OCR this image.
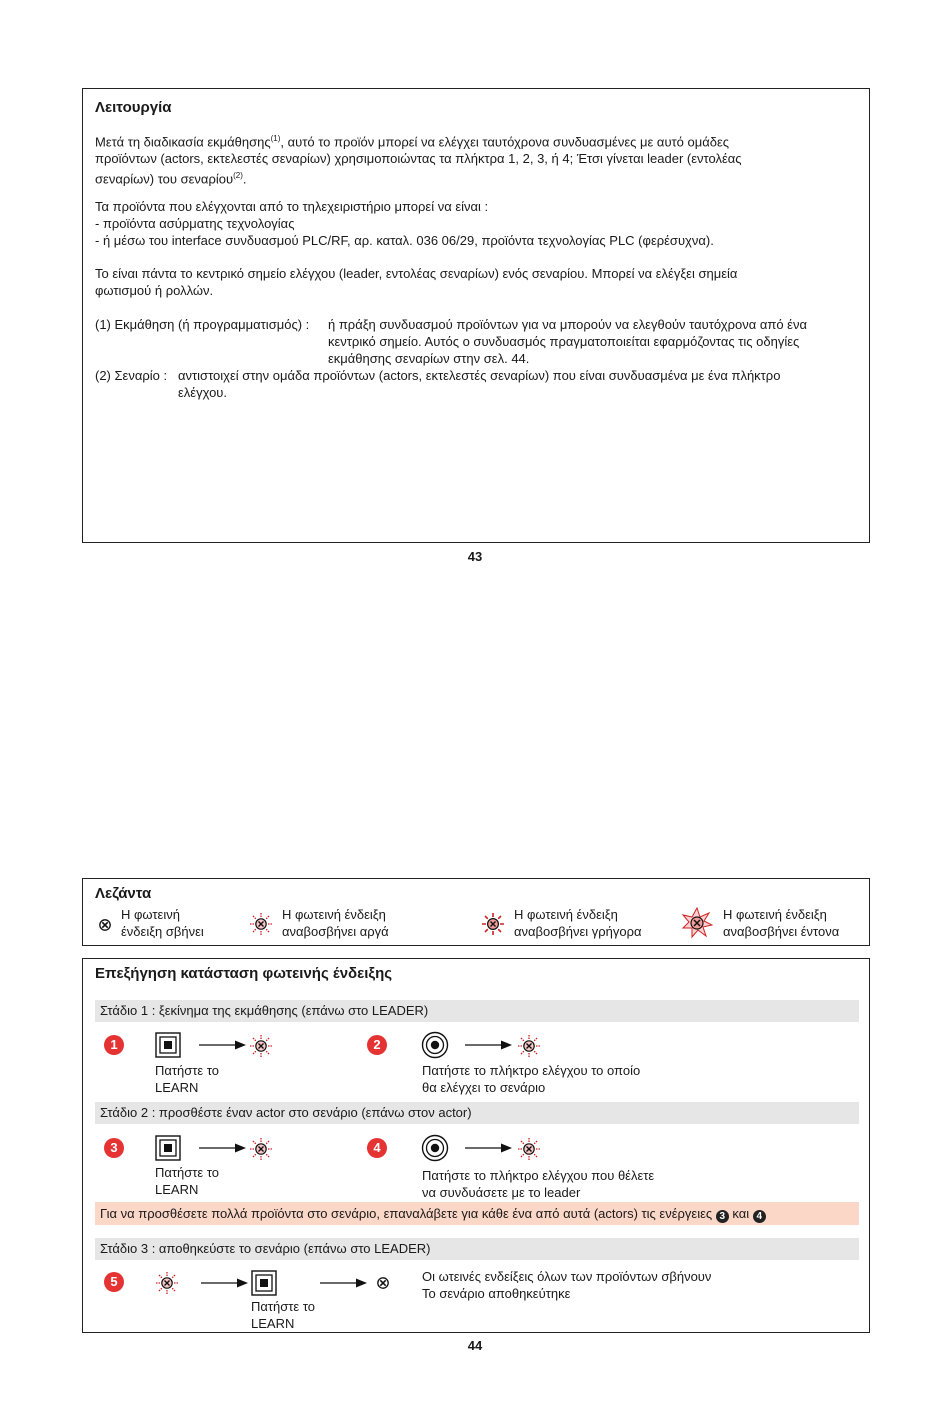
Λειτουργία

Μετά τη διαδικασία εκμάθησης$^{(1)}$, αυτό το προϊόν μπορεί να ελέγχει ταυτόχρονα συνδυασμένες με αυτό ομάδες
προϊόντων (actors, εκτελεστές σεναρίων) χρησιμοποιώντας τα πλήκτρα 1, 2, 3, ή 4; Έτσι γίνεται leader (εντολέας
σεναρίων) του σεναρίου$^{(2)}$.

Τα προϊόντα που ελέγχονται από το τηλεχειριστήριο μπορεί να είναι :
- προϊόντα ασύρματης τεχνολογίας
- ή μέσω του interface συνδυασμού PLC/RF, αρ. καταλ. 036 06/29, προϊόντα τεχνολογίας PLC (φερέσυχνα).

Το είναι πάντα το κεντρικό σημείο ελέγχου (leader, εντολέας σεναρίων) ενός σεναρίου. Μπορεί να ελέγξει σημεία
φωτισμού ή ρολλών.

(1) Εκμάθηση (ή προγραμματισμός) : ή πράξη συνδυασμού προϊόντων για να μπορούν να ελεγθούν ταυτόχρονα από ένα
κεντρικό σημείο. Αυτός ο συνδυασμός πραγματοποιείται εφαρμόζοντας τις οδηγίες
εκμάθησης σεναρίων στην σελ. 44.

(2) Σεναρίο : αντιστοιχεί στην ομάδα προϊόντων (actors, εκτελεστές σεναρίων) που είναι συνδυασμένα με ένα πλήκτρο
ελέγχου.

43
Λεζάντα
Η φωτεινή
ένδειξη σβήνει
Η φωτεινή ένδειξη
αναβοσβήνει αργά
Η φωτεινή ένδειξη
αναβοσβήνει γρήγορα
Η φωτεινή ένδειξη
αναβοσβήνει έντονα
Επεξήγηση κατάσταση φωτεινής ένδειξης
Στάδιο 1 : ξεκίνημα της εκμάθησης (επάνω στο LEADER)
1
Πατήστε το
LEARN
2
Πατήστε το πλήκτρο ελέγχου το οποίο
θα ελέγχει το σενάριο
Στάδιο 2 : προσθέστε έναν actor στο σενάριο (επάνω στον actor)
3
Πατήστε το
LEARN
4
Πατήστε το πλήκτρο ελέγχου που θέλετε
να συνδυάσετε με το leader
Για να προσθέσετε πολλά προϊόντα στο σενάριο, επαναλάβετε για κάθε ένα από αυτά (actors) τις ενέργειες 3 και 4
Στάδιο 3 : αποθηκεύστε το σενάριο (επάνω στο LEADER)
5
Πατήστε το
LEARN
Οι ωτεινές ενδείξεις όλων των προϊόντων σβήνουν
Το σενάριο αποθηκεύτηκε
44
